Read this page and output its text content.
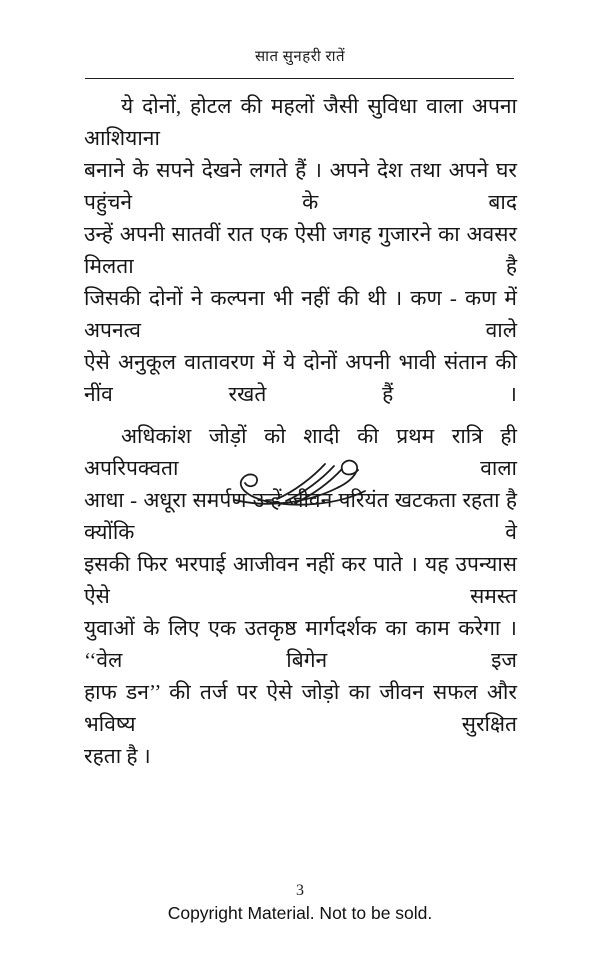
सात सुनहरी रातें
ये दोनों, होटल की महलों जैसी सुविधा वाला अपना आशियाना
बनाने के सपने देखने लगते हैं । अपने देश तथा अपने घर पहुंचने के बाद
उन्हें अपनी सातवीं रात एक ऐसी जगह गुजारने का अवसर मिलता है
जिसकी दोनों ने कल्पना भी नहीं की थी । कण - कण में अपनत्व वाले
ऐसे अनुकूल वातावरण में ये दोनों अपनी भावी संतान की नींव रखते हैं ।
अधिकांश जोड़ों को शादी की प्रथम रात्रि ही अपरिपक्वता वाला
आधा - अधूरा समर्पण उन्हें जीवन परियंत खटकता रहता है क्योंकि वे
इसकी फिर भरपाई आजीवन नहीं कर पाते । यह उपन्यास ऐसे समस्त
युवाओं के लिए एक उतकृष्ठ मार्गदर्शक का काम करेगा । ‘‘वेल बिगेन इज
हाफ डन’’ की तर्ज पर ऐसे जोड़ो का जीवन सफल और भविष्य सुरक्षित
रहता है ।
3
Copyright Material. Not to be sold.
